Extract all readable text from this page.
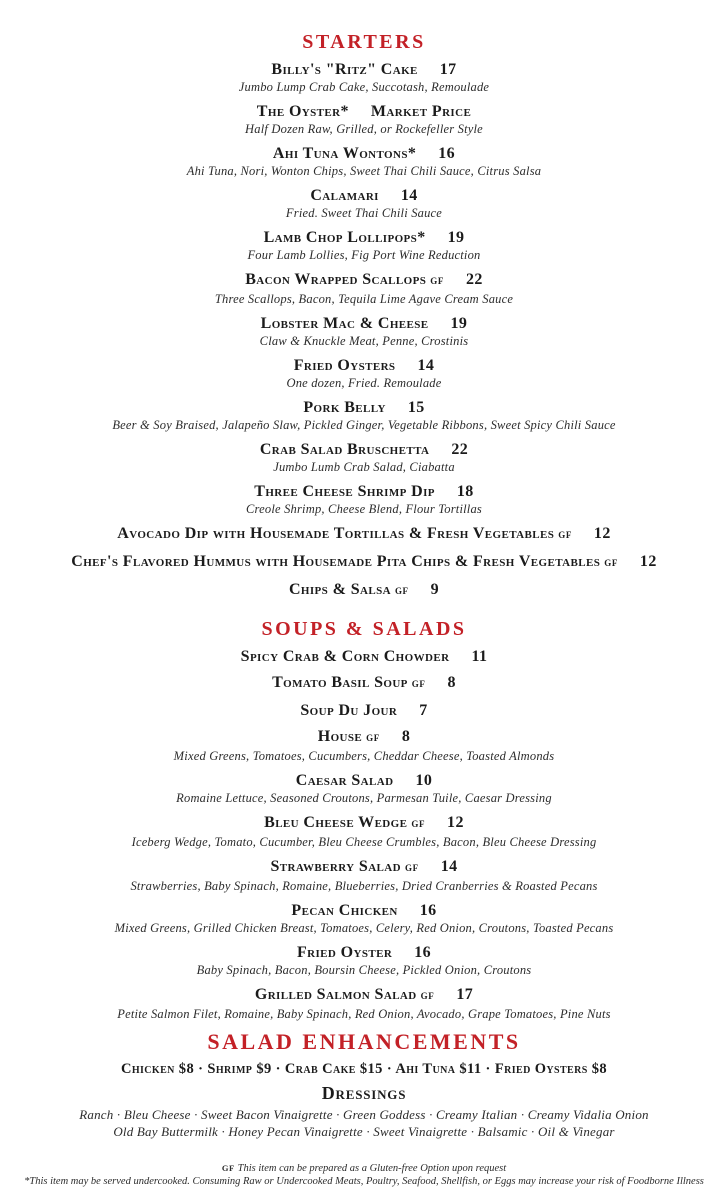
STARTERS
Billy's "Ritz" Cake 17
Jumbo Lump Crab Cake, Succotash, Remoulade
The Oyster* Market Price
Half Dozen Raw, Grilled, or Rockefeller Style
Ahi Tuna Wontons* 16
Ahi Tuna, Nori, Wonton Chips, Sweet Thai Chili Sauce, Citrus Salsa
Calamari 14
Fried. Sweet Thai Chili Sauce
Lamb Chop Lollipops* 19
Four Lamb Lollies, Fig Port Wine Reduction
Bacon Wrapped Scallops GF 22
Three Scallops, Bacon, Tequila Lime Agave Cream Sauce
Lobster Mac & Cheese 19
Claw & Knuckle Meat, Penne, Crostinis
Fried Oysters 14
One dozen, Fried. Remoulade
Pork Belly 15
Beer & Soy Braised, Jalapeño Slaw, Pickled Ginger, Vegetable Ribbons, Sweet Spicy Chili Sauce
Crab Salad Bruschetta 22
Jumbo Lumb Crab Salad, Ciabatta
Three Cheese Shrimp Dip 18
Creole Shrimp, Cheese Blend, Flour Tortillas
Avocado Dip with Housemade Tortillas & Fresh Vegetables GF 12
Chef's Flavored Hummus with Housemade Pita Chips & Fresh Vegetables GF 12
Chips & Salsa GF 9
SOUPS & SALADS
Spicy Crab & Corn Chowder 11
Tomato Basil Soup GF 8
Soup Du Jour 7
House GF 8
Mixed Greens, Tomatoes, Cucumbers, Cheddar Cheese, Toasted Almonds
Caesar Salad 10
Romaine Lettuce, Seasoned Croutons, Parmesan Tuile, Caesar Dressing
Bleu Cheese Wedge GF 12
Iceberg Wedge, Tomato, Cucumber, Bleu Cheese Crumbles, Bacon, Bleu Cheese Dressing
Strawberry Salad GF 14
Strawberries, Baby Spinach, Romaine, Blueberries, Dried Cranberries & Roasted Pecans
Pecan Chicken 16
Mixed Greens, Grilled Chicken Breast, Tomatoes, Celery, Red Onion, Croutons, Toasted Pecans
Fried Oyster 16
Baby Spinach, Bacon, Boursin Cheese, Pickled Onion, Croutons
Grilled Salmon Salad GF 17
Petite Salmon Filet, Romaine, Baby Spinach, Red Onion, Avocado, Grape Tomatoes, Pine Nuts
SALAD ENHANCEMENTS
Chicken $8 · Shrimp $9 · Crab Cake $15 · Ahi Tuna $11 · Fried Oysters $8
Dressings
Ranch · Bleu Cheese · Sweet Bacon Vinaigrette · Green Goddess · Creamy Italian · Creamy Vidalia Onion
Old Bay Buttermilk · Honey Pecan Vinaigrette · Sweet Vinaigrette · Balsamic · Oil & Vinegar
GF This item can be prepared as a Gluten-free Option upon request
*This item may be served undercooked. Consuming Raw or Undercooked Meats, Poultry, Seafood, Shellfish, or Eggs may increase your risk of Foodborne Illness
